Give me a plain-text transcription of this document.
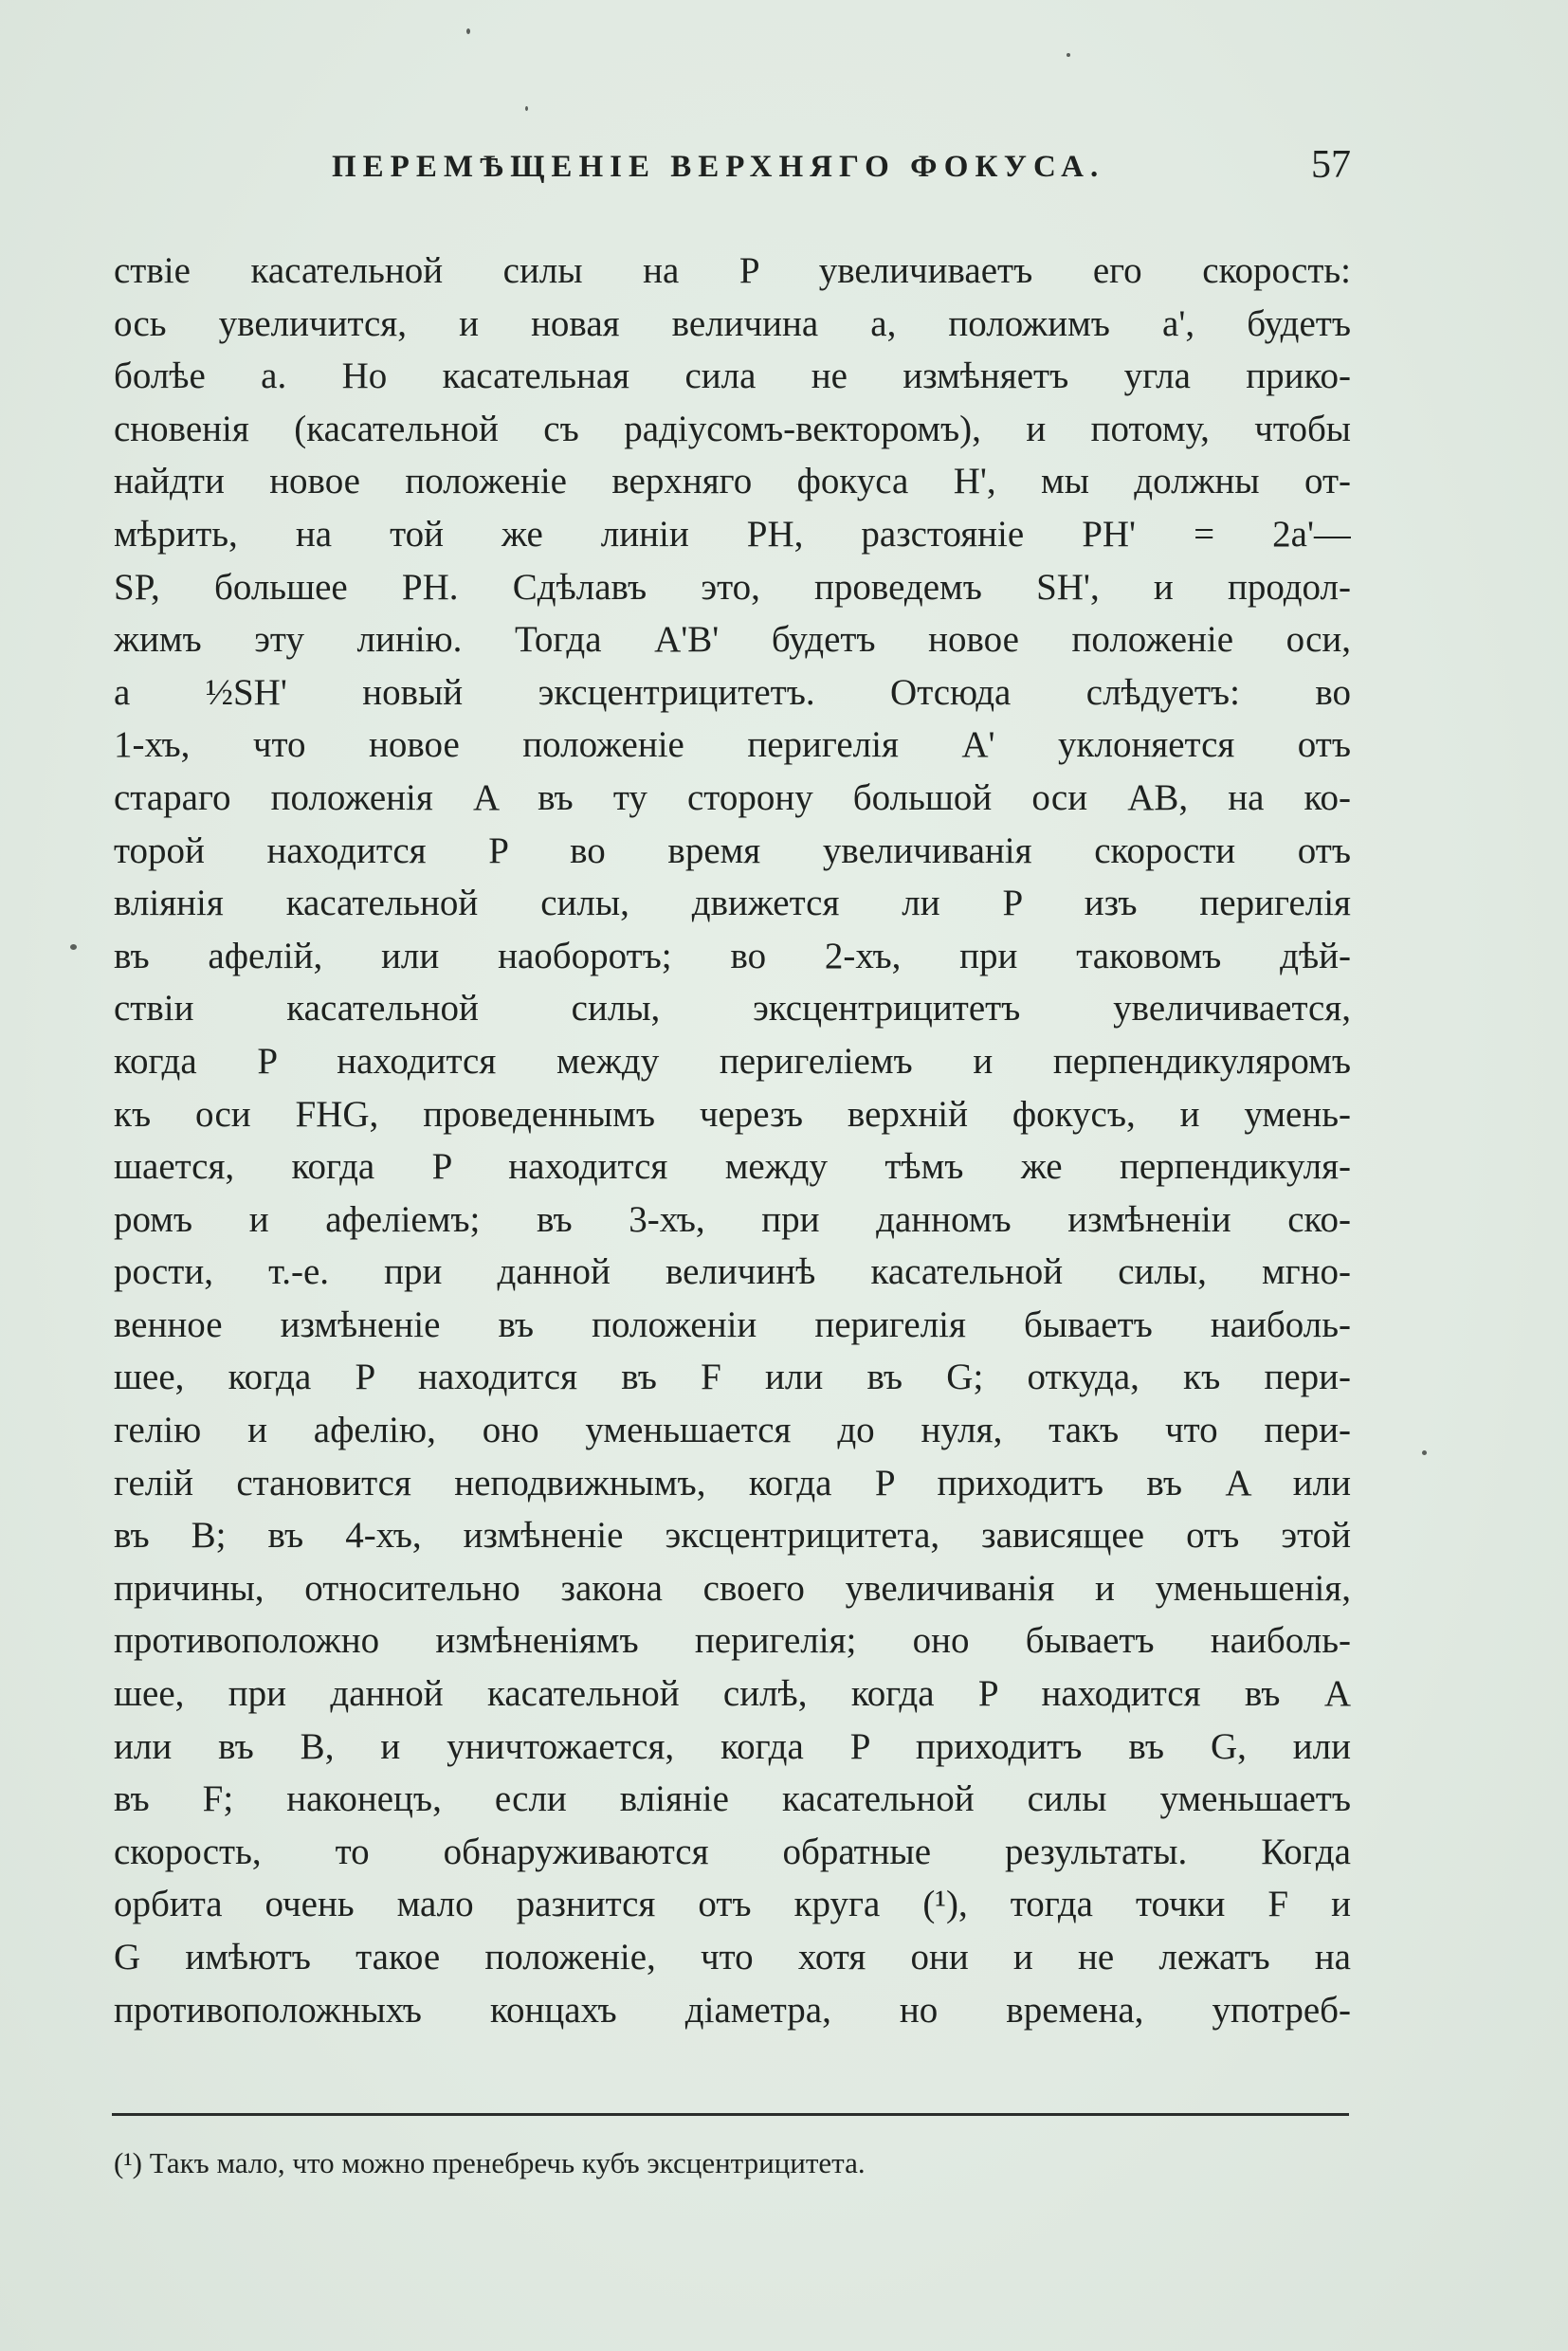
ПЕРЕМѢЩЕНІЕ ВЕРХНЯГО ФОКУСА.	57
ствіе касательной силы на P увеличиваетъ его скорость:
ось увеличится, и новая величина a, положимъ a', будетъ
болѣе a. Но касательная сила не измѣняетъ угла прико-
сновенія (касательной съ радіусомъ-векторомъ), и потому, чтобы
найдти новое положеніе верхняго фокуса H', мы должны от-
мѣрить, на той же линіи PH, разстояніе PH' = 2a'—
SP, большее PH. Сдѣлавъ это, проведемъ SH', и продол-
жимъ эту линію. Тогда A'B' будетъ новое положеніе оси,
a ½SH' новый эксцентрицитетъ. Отсюда слѣдуетъ: во
1-хъ, что новое положеніе перигелія A' уклоняется отъ
стараго положенія A въ ту сторону большой оси AB, на ко-
торой находится P во время увеличиванія скорости отъ
вліянія касательной силы, движется ли P изъ перигелія
въ афелій, или наоборотъ; во 2-хъ, при таковомъ дѣй-
ствіи касательной силы, эксцентрицитетъ увеличивается,
когда P находится между перигеліемъ и перпендикуляромъ
къ оси FHG, проведеннымъ черезъ верхній фокусъ, и умень-
шается, когда P находится между тѣмъ же перпендикуля-
ромъ и афеліемъ; въ 3-хъ, при данномъ измѣненіи ско-
рости, т.-е. при данной величинѣ касательной силы, мгно-
венное измѣненіе въ положеніи перигелія бываетъ наиболь-
шее, когда P находится въ F или въ G; откуда, къ пери-
гелію и афелію, оно уменьшается до нуля, такъ что пери-
гелій становится неподвижнымъ, когда P приходитъ въ A или
въ B; въ 4-хъ, измѣненіе эксцентрицитета, зависящее отъ этой
причины, относительно закона своего увеличиванія и уменьшенія,
противоположно измѣненіямъ перигелія; оно бываетъ наиболь-
шее, при данной касательной силѣ, когда P находится въ A
или въ B, и уничтожается, когда P приходитъ въ G, или
въ F; наконецъ, если вліяніе касательной силы уменьшаетъ
скорость, то обнаруживаются обратные результаты. Когда
орбита очень мало разнится отъ круга (¹), тогда точки F и
G имѣютъ такое положеніе, что хотя они и не лежатъ на
противоположныхъ концахъ діаметра, но времена, употреб-
(¹) Такъ мало, что можно пренебречь кубъ эксцентрицитета.
